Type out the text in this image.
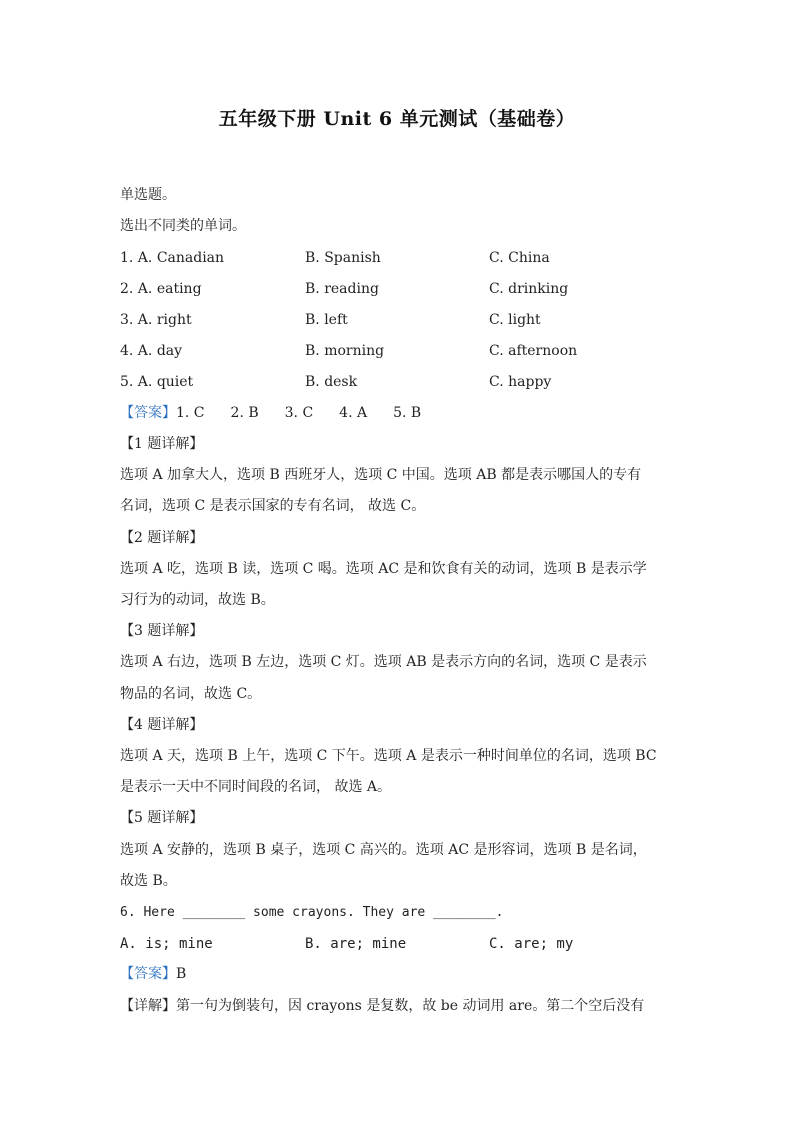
五年级下册 Unit 6 单元测试（基础卷）
单选题。
选出不同类的单词。
1. A. Canadian	B. Spanish	C. China
2. A. eating	B. reading	C. drinking
3. A. right	B. left	C. light
4. A. day	B. morning	C. afternoon
5. A. quiet	B. desk	C. happy
【答案】1. C 2. B 3. C 4. A 5. B
【1 题详解】
选项 A 加拿大人，选项 B 西班牙人，选项 C 中国。选项 AB 都是表示哪国人的专有
名词，选项 C 是表示国家的专有名词， 故选 C。
【2 题详解】
选项 A 吃，选项 B 读，选项 C 喝。选项 AC 是和饮食有关的动词，选项 B 是表示学
习行为的动词，故选 B。
【3 题详解】
选项 A 右边，选项 B 左边，选项 C 灯。选项 AB 是表示方向的名词，选项 C 是表示
物品的名词，故选 C。
【4 题详解】
选项 A 天，选项 B 上午，选项 C 下午。选项 A 是表示一种时间单位的名词，选项 BC
是表示一天中不同时间段的名词， 故选 A。
【5 题详解】
选项 A 安静的，选项 B 桌子，选项 C 高兴的。选项 AC 是形容词，选项 B 是名词，
故选 B。
6. Here ________ some crayons. They are ________.
A. is; mine	B. are; mine	C. are; my
【答案】B
【详解】第一句为倒装句，因 crayons 是复数，故 be 动词用 are。第二个空后没有
